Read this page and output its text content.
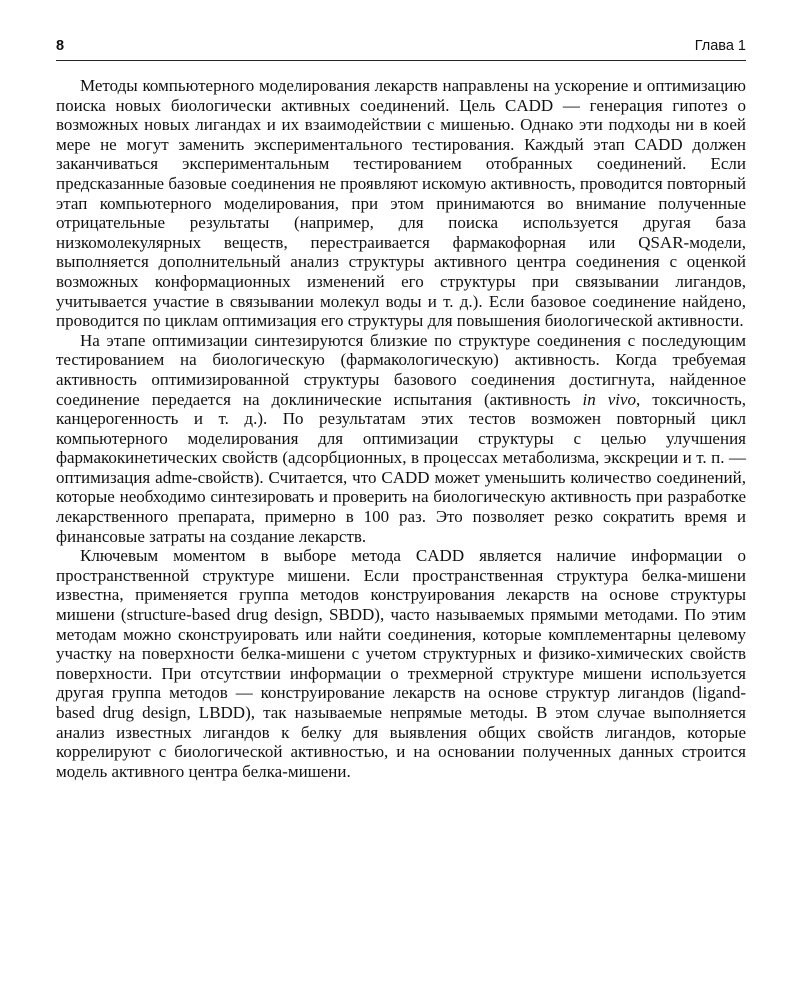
8	Глава 1

Методы компьютерного моделирования лекарств направлены на ускорение и оптимизацию поиска новых биологически активных соединений. Цель CADD — генерация гипотез о возможных новых лигандах и их взаимодействии с мишенью. Однако эти подходы ни в коей мере не могут заменить экспериментального тестирования. Каждый этап CADD должен заканчиваться экспериментальным тестированием отобранных соединений. Если предсказанные базовые соединения не проявляют искомую активность, проводится повторный этап компьютерного моделирования, при этом принимаются во внимание полученные отрицательные результаты (например, для поиска используется другая база низкомолекулярных веществ, перестраивается фармакофорная или QSAR-модели, выполняется дополнительный анализ структуры активного центра соединения с оценкой возможных конформационных изменений его структуры при связывании лигандов, учитывается участие в связывании молекул воды и т. д.). Если базовое соединение найдено, проводится по циклам оптимизация его структуры для повышения биологической активности.

На этапе оптимизации синтезируются близкие по структуре соединения с последующим тестированием на биологическую (фармакологическую) активность. Когда требуемая активность оптимизированной структуры базового соединения достигнута, найденное соединение передается на доклинические испытания (активность in vivo, токсичность, канцерогенность и т. д.). По результатам этих тестов возможен повторный цикл компьютерного моделирования для оптимизации структуры с целью улучшения фармакокинетических свойств (адсорбционных, в процессах метаболизма, экскреции и т. п. — оптимизация adme-свойств). Считается, что CADD может уменьшить количество соединений, которые необходимо синтезировать и проверить на биологическую активность при разработке лекарственного препарата, примерно в 100 раз. Это позволяет резко сократить время и финансовые затраты на создание лекарств.

Ключевым моментом в выборе метода CADD является наличие информации о пространственной структуре мишени. Если пространственная структура белка-мишени известна, применяется группа методов конструирования лекарств на основе структуры мишени (structure-based drug design, SBDD), часто называемых прямыми методами. По этим методам можно сконструировать или найти соединения, которые комплементарны целевому участку на поверхности белка-мишени с учетом структурных и физико-химических свойств поверхности. При отсутствии информации о трехмерной структуре мишени используется другая группа методов — конструирование лекарств на основе структур лигандов (ligand-based drug design, LBDD), так называемые непрямые методы. В этом случае выполняется анализ известных лигандов к белку для выявления общих свойств лигандов, которые коррелируют с биологической активностью, и на основании полученных данных строится модель активного центра белка-мишени.
